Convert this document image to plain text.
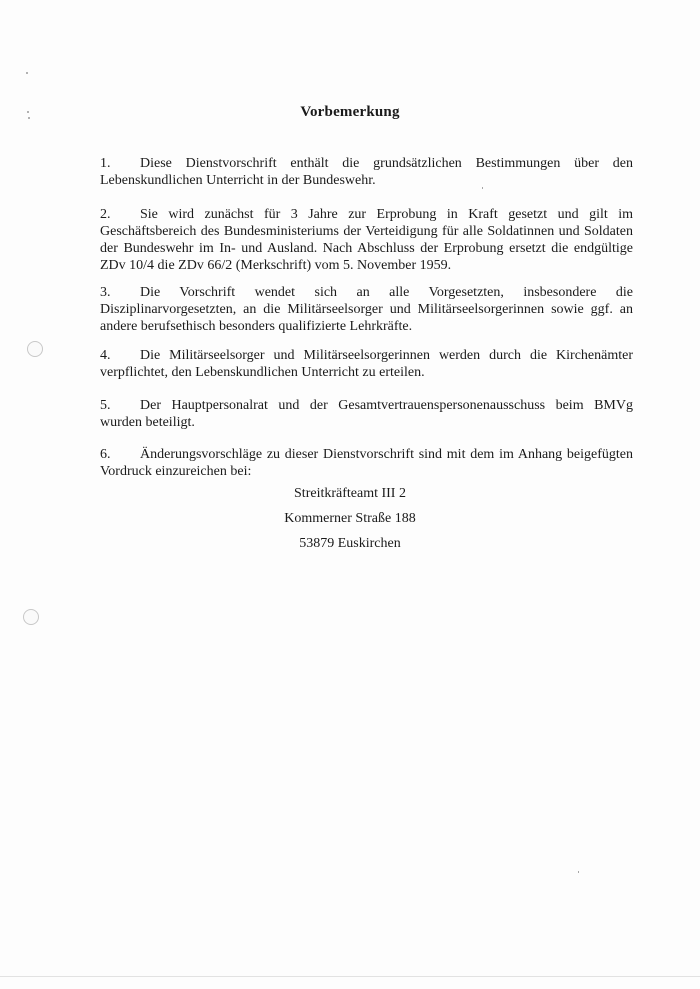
Vorbemerkung
1. Diese Dienstvorschrift enthält die grundsätzlichen Bestimmungen über den Lebenskundlichen Unterricht in der Bundeswehr.
2. Sie wird zunächst für 3 Jahre zur Erprobung in Kraft gesetzt und gilt im Geschäftsbereich des Bundesministeriums der Verteidigung für alle Soldatinnen und Soldaten der Bundeswehr im In- und Ausland. Nach Abschluss der Erprobung ersetzt die endgültige ZDv 10/4 die ZDv 66/2 (Merkschrift) vom 5. November 1959.
3. Die Vorschrift wendet sich an alle Vorgesetzten, insbesondere die Disziplinarvorgesetzten, an die Militärseelsorger und Militärseelsorgerinnen sowie ggf. an andere berufsethisch besonders qualifizierte Lehrkräfte.
4. Die Militärseelsorger und Militärseelsorgerinnen werden durch die Kirchenämter verpflichtet, den Lebenskundlichen Unterricht zu erteilen.
5. Der Hauptpersonalrat und der Gesamtvertrauenspersonenausschuss beim BMVg wurden beteiligt.
6. Änderungsvorschläge zu dieser Dienstvorschrift sind mit dem im Anhang beigefügten Vordruck einzureichen bei:
Streitkräfteamt III 2
Kommerner Straße 188
53879 Euskirchen
